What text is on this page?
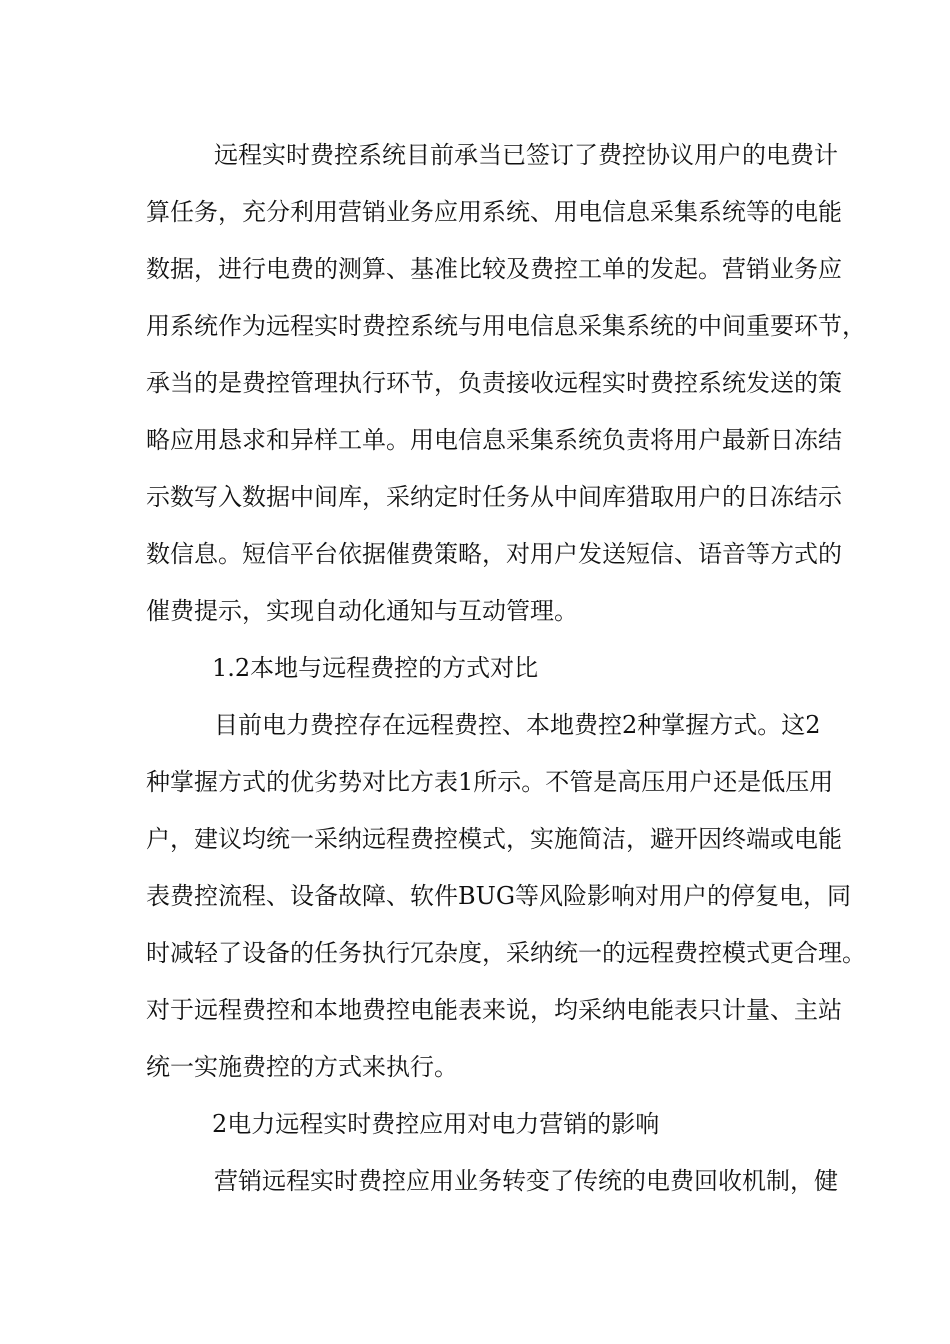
远程实时费控系统目前承当已签订了费控协议用户的电费计
算任务，充分利用营销业务应用系统、用电信息采集系统等的电能
数据，进行电费的测算、基准比较及费控工单的发起。营销业务应
用系统作为远程实时费控系统与用电信息采集系统的中间重要环节，
承当的是费控管理执行环节，负责接收远程实时费控系统发送的策
略应用恳求和异样工单。用电信息采集系统负责将用户最新日冻结
示数写入数据中间库，采纳定时任务从中间库猎取用户的日冻结示
数信息。短信平台依据催费策略，对用户发送短信、语音等方式的
催费提示，实现自动化通知与互动管理。
1.2本地与远程费控的方式对比
目前电力费控存在远程费控、本地费控2种掌握方式。这2
种掌握方式的优劣势对比方表1所示。不管是高压用户还是低压用
户，建议均统一采纳远程费控模式，实施简洁，避开因终端或电能
表费控流程、设备故障、软件BUG等风险影响对用户的停复电，同
时减轻了设备的任务执行冗杂度，采纳统一的远程费控模式更合理。
对于远程费控和本地费控电能表来说，均采纳电能表只计量、主站
统一实施费控的方式来执行。
2电力远程实时费控应用对电力营销的影响
营销远程实时费控应用业务转变了传统的电费回收机制，健
